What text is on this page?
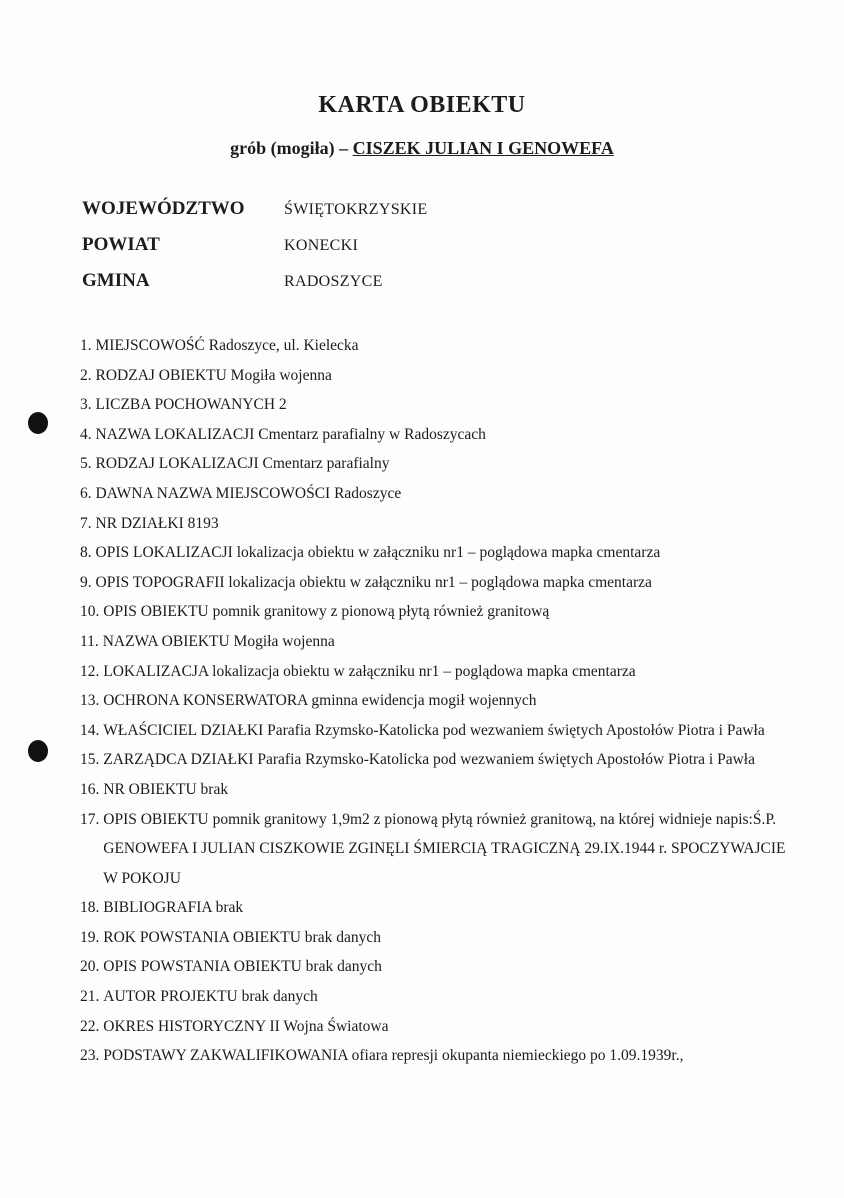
KARTA OBIEKTU
grób (mogiła) – CISZEK JULIAN I GENOWEFA
WOJEWÓDZTWO	ŚWIĘTOKRZYSKIE
POWIAT	KONECKI
GMINA	RADOSZYCE
1. MIEJSCOWOŚĆ Radoszyce, ul. Kielecka
2. RODZAJ OBIEKTU Mogiła wojenna
3. LICZBA POCHOWANYCH 2
4. NAZWA LOKALIZACJI Cmentarz parafialny w Radoszycach
5. RODZAJ LOKALIZACJI Cmentarz parafialny
6. DAWNA NAZWA MIEJSCOWOŚCI Radoszyce
7. NR DZIAŁKI 8193
8. OPIS LOKALIZACJI lokalizacja obiektu w załączniku nr1 – poglądowa mapka cmentarza
9. OPIS TOPOGRAFII lokalizacja obiektu w załączniku nr1 – poglądowa mapka cmentarza
10. OPIS OBIEKTU pomnik granitowy z pionową płytą również granitową
11. NAZWA OBIEKTU Mogiła wojenna
12. LOKALIZACJA lokalizacja obiektu w załączniku nr1 – poglądowa mapka cmentarza
13. OCHRONA KONSERWATORA gminna ewidencja mogił wojennych
14. WŁAŚCICIEL DZIAŁKI Parafia Rzymsko-Katolicka pod wezwaniem świętych Apostołów Piotra i Pawła
15. ZARZĄDCA DZIAŁKI Parafia Rzymsko-Katolicka pod wezwaniem świętych Apostołów Piotra i Pawła
16. NR OBIEKTU brak
17. OPIS OBIEKTU pomnik granitowy 1,9m2 z pionową płytą również granitową, na której widnieje napis:Ś.P. GENOWEFA I JULIAN CISZKOWIE ZGINĘLI ŚMIERCIĄ TRAGICZNĄ 29.IX.1944 r. SPOCZYWAJCIE W POKOJU
18. BIBLIOGRAFIA brak
19. ROK POWSTANIA OBIEKTU brak danych
20. OPIS POWSTANIA OBIEKTU brak danych
21. AUTOR PROJEKTU brak danych
22. OKRES HISTORYCZNY II Wojna Światowa
23. PODSTAWY ZAKWALIFIKOWANIA ofiara represji okupanta niemieckiego po 1.09.1939r.,
